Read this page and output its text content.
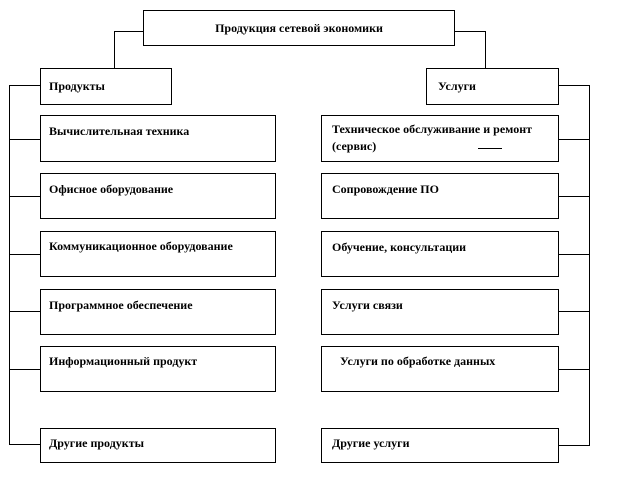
Продукция сетевой экономики
Продукты
Вычислительная техника
Офисное оборудование
Коммуникационное оборудование
Программное обеспечение
Информационный продукт
Другие продукты
Услуги
Техническое обслуживание и ремонт (сервис)
Сопровождение ПО
Обучение, консультации
Услуги связи
Услуги по обработке данных
Другие услуги
